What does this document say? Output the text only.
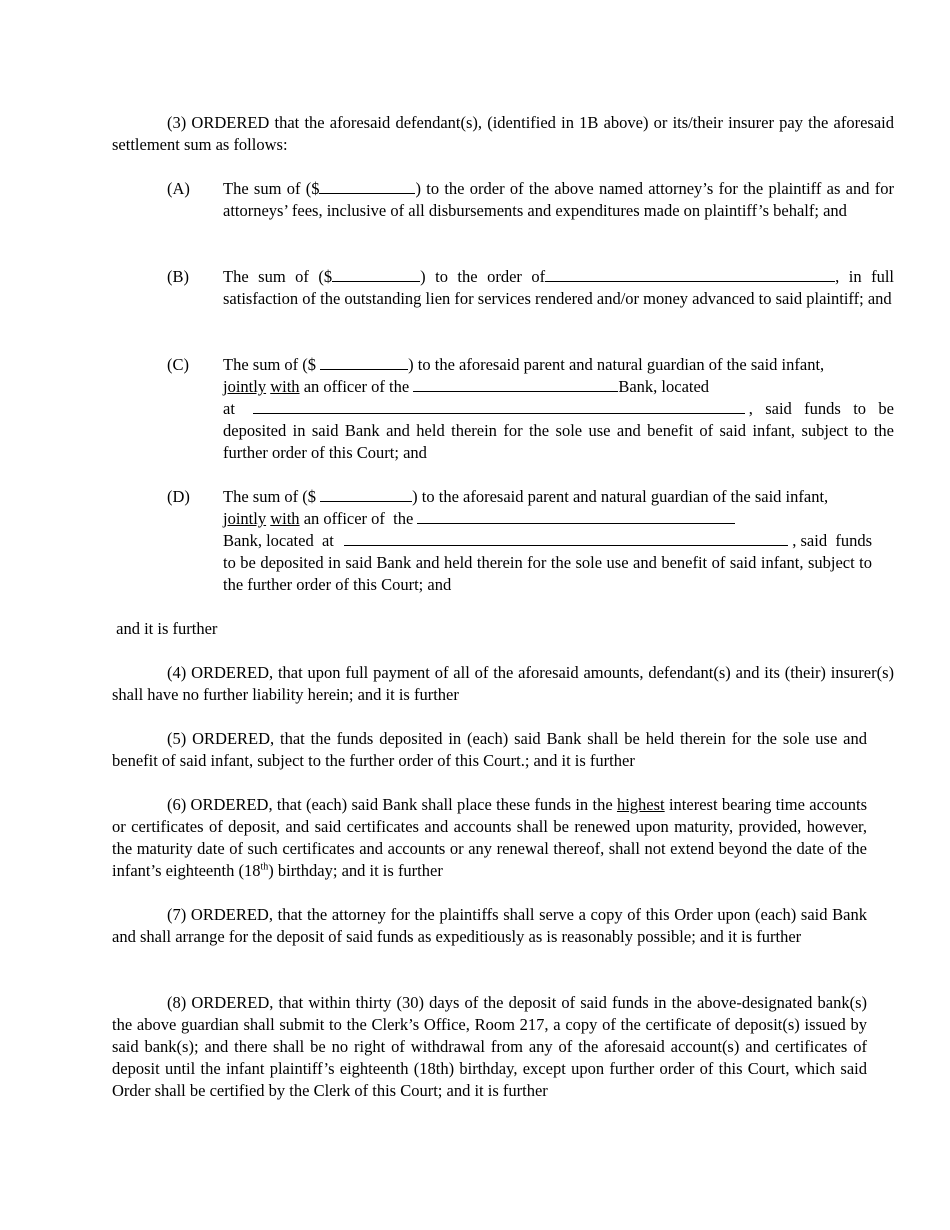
(3) ORDERED that the aforesaid defendant(s), (identified in 1B above) or its/their insurer pay the aforesaid settlement sum as follows:
(A)	The sum of ($	) to the order of the above named attorney’s for the plaintiff as and for attorneys’ fees, inclusive of all disbursements and expenditures made on plaintiff’s behalf; and
(B)	The sum of ($	) to the order of	, in full satisfaction of the outstanding lien for services rendered and/or money advanced to said plaintiff; and
(C)	The sum of ($	) to the aforesaid parent and natural guardian of the said infant,
jointly
with an officer of the	Bank, located
at	,   said   funds   to   be
deposited in said Bank and held therein for the sole use and benefit of said infant, subject to the further order of this Court; and
(D)	The sum of ($	) to the aforesaid parent and natural guardian of the said infant,
jointly
with an officer of  the
Bank, located  at	, said  funds
to be deposited in said Bank and held therein for the sole use and benefit of said infant, subject to the further order of this Court; and
and it is further
(4) ORDERED, that upon full payment of all of the aforesaid amounts, defendant(s) and its (their) insurer(s) shall have no further liability herein; and it is further
(5) ORDERED, that the funds deposited in (each) said Bank shall be held therein for the sole use and benefit of said infant, subject to the further order of this Court.; and it is further
(6) ORDERED, that (each) said Bank shall place these funds in the highest interest bearing time accounts or certificates of deposit, and said certificates and accounts shall be renewed upon maturity, provided, however, the maturity date of such certificates and accounts or any renewal thereof, shall not extend beyond the date of the infant’s eighteenth (18th) birthday; and it is further
(7) ORDERED, that the attorney for the plaintiffs shall serve a copy of this Order upon (each) said Bank and shall arrange for the deposit of said funds as expeditiously as is reasonably possible; and it is further
(8) ORDERED, that within thirty (30) days of the deposit of said funds in the above-designated bank(s) the above guardian shall submit to the Clerk’s Office, Room 217, a copy of the certificate of deposit(s) issued by said bank(s); and there shall be no right of withdrawal from any of the aforesaid account(s) and certificates of deposit until the infant plaintiff’s eighteenth (18th) birthday, except upon further order of this Court, which said Order shall be certified by the Clerk of this Court; and it is further
